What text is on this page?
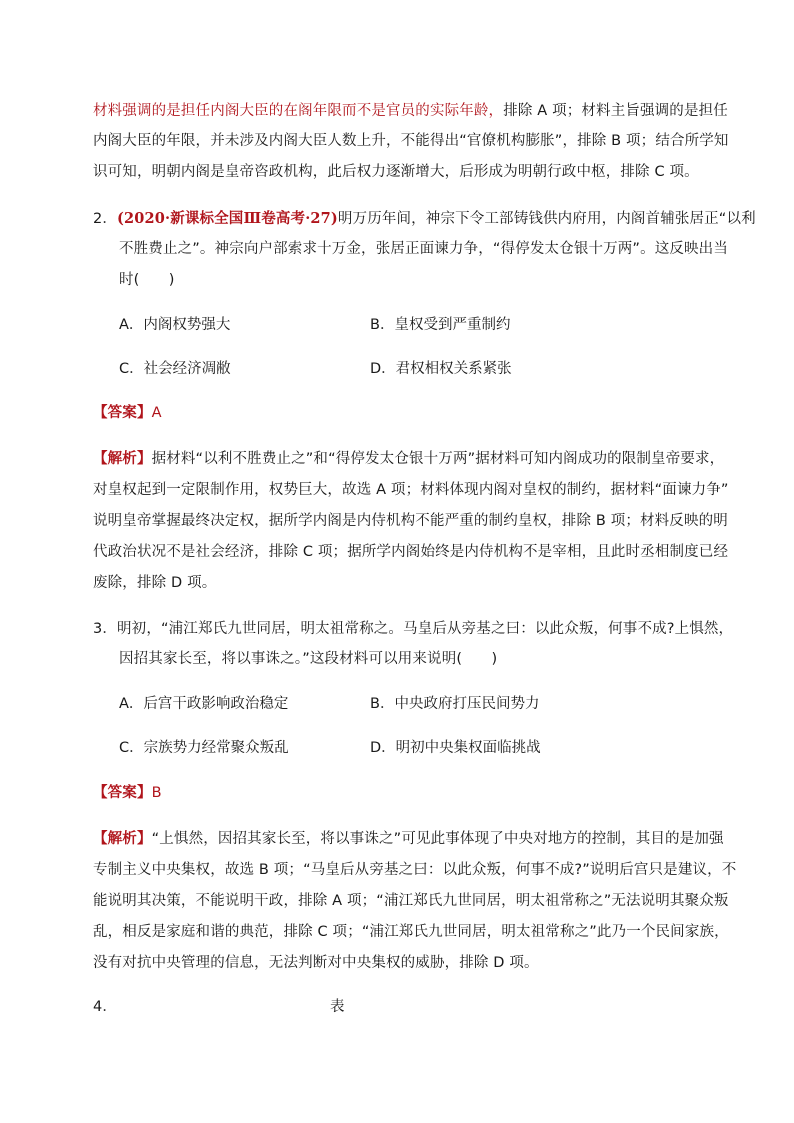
材料强调的是担任内阁大臣的在阁年限而不是官员的实际年龄，排除 A 项；材料主旨强调的是担任
内阁大臣的年限，并未涉及内阁大臣人数上升，不能得出“官僚机构膨胀”，排除 B 项；结合所学知
识可知，明朝内阁是皇帝咨政机构，此后权力逐渐增大，后形成为明朝行政中枢，排除 C 项。
2．(2020·新课标全国Ⅲ卷高考·27)明万历年间，神宗下令工部铸钱供内府用，内阁首辅张居正“以利
不胜费止之”。神宗向户部索求十万金，张居正面谏力争，“得停发太仓银十万两”。这反映出当
时(　　)
A．内阁权势强大	B．皇权受到严重制约
C．社会经济凋敝	D．君权相权关系紧张
【答案】A
【解析】据材料“以利不胜费止之”和“得停发太仓银十万两”据材料可知内阁成功的限制皇帝要求，
对皇权起到一定限制作用，权势巨大，故选 A 项；材料体现内阁对皇权的制约，据材料“面谏力争”
说明皇帝掌握最终决定权，据所学内阁是内侍机构不能严重的制约皇权，排除 B 项；材料反映的明
代政治状况不是社会经济，排除 C 项；据所学内阁始终是内侍机构不是宰相，且此时丞相制度已经
废除，排除 D 项。
3．明初，“浦江郑氏九世同居，明太祖常称之。马皇后从旁基之曰：以此众叛，何事不成?上惧然，
因招其家长至，将以事诛之。”这段材料可以用来说明(　　)
A．后宫干政影响政治稳定	B．中央政府打压民间势力
C．宗族势力经常聚众叛乱	D．明初中央集权面临挑战
【答案】B
【解析】“上惧然，因招其家长至，将以事诛之”可见此事体现了中央对地方的控制，其目的是加强
专制主义中央集权，故选 B 项；“马皇后从旁基之曰：以此众叛，何事不成?”说明后宫只是建议，不
能说明其决策，不能说明干政，排除 A 项；“浦江郑氏九世同居，明太祖常称之”无法说明其聚众叛
乱，相反是家庭和谐的典范，排除 C 项；“浦江郑氏九世同居，明太祖常称之”此乃一个民间家族，
没有对抗中央管理的信息，无法判断对中央集权的威胁，排除 D 项。
4．	表
